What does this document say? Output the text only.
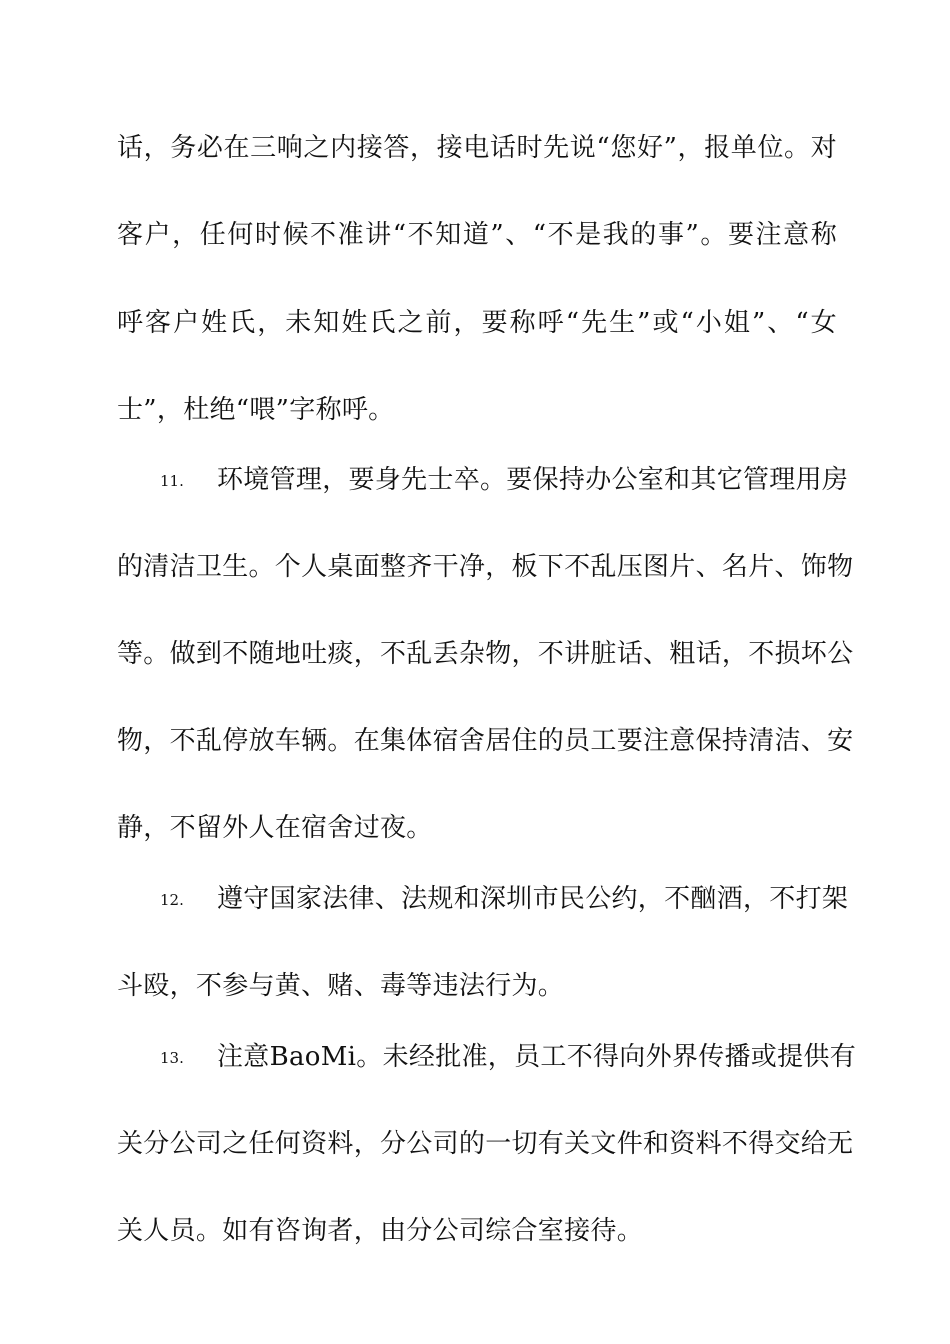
话，务必在三响之内接答，接电话时先说“您好”，报单位。对
客户，任何时候不准讲“不知道”、“不是我的事”。要注意称
呼客户姓氏，未知姓氏之前，要称呼“先生”或“小姐”、“女
士”，杜绝“喂”字称呼。
11.	环境管理，要身先士卒。要保持办公室和其它管理用房
的清洁卫生。个人桌面整齐干净，板下不乱压图片、名片、饰物
等。做到不随地吐痰，不乱丢杂物，不讲脏话、粗话，不损坏公
物，不乱停放车辆。在集体宿舍居住的员工要注意保持清洁、安
静，不留外人在宿舍过夜。
12.	遵守国家法律、法规和深圳市民公约，不酗酒，不打架
斗殴，不参与黄、赌、毒等违法行为。
13.	注意BaoMi。未经批准，员工不得向外界传播或提供有
关分公司之任何资料，分公司的一切有关文件和资料不得交给无
关人员。如有咨询者，由分公司综合室接待。
